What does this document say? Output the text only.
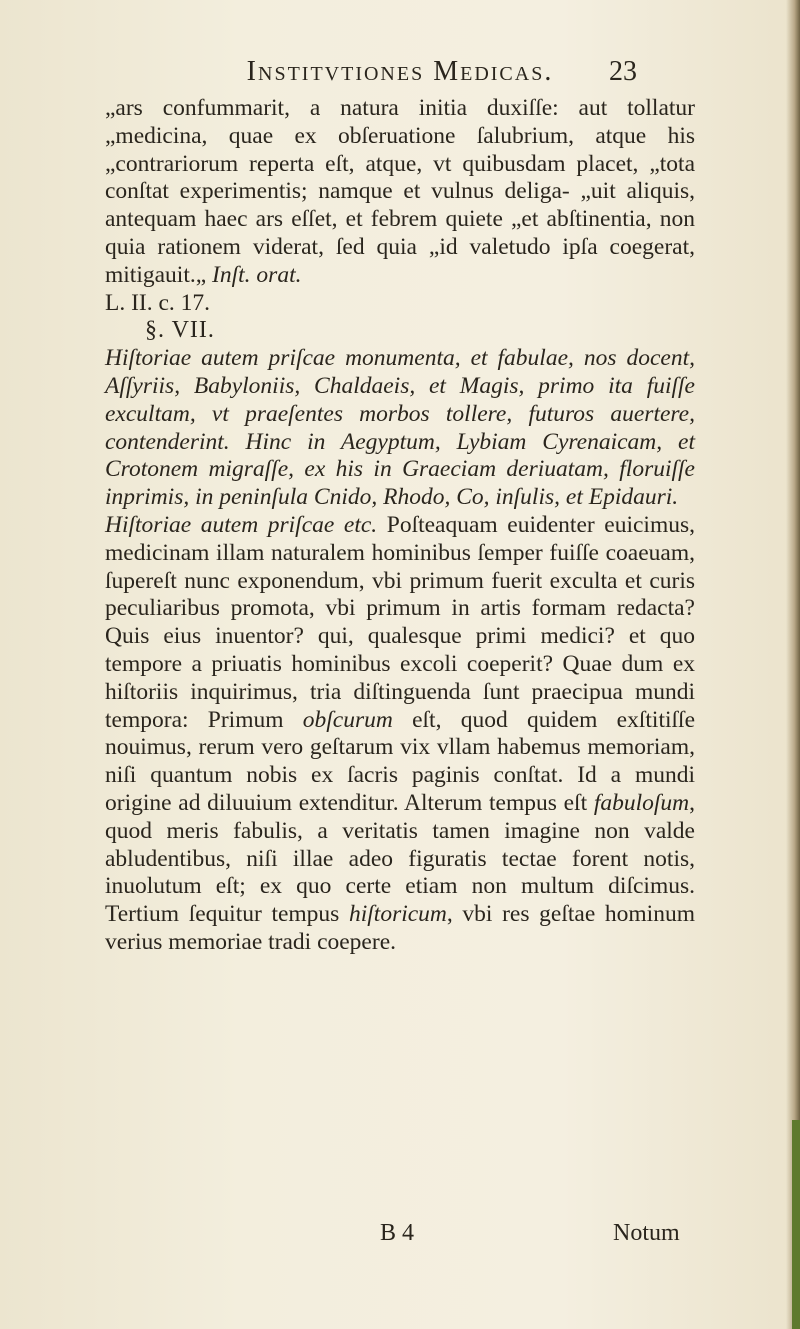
Institvtiones Medicas.	23

„ars confummarit, a natura initia duxiſſe: aut tollatur „medicina, quae ex obſeruatione ſalubrium, atque his „contrariorum reperta eſt, atque, vt quibusdam placet, „tota conſtat experimentis; namque et vulnus deliga- „uit aliquis, antequam haec ars eſſet, et febrem quiete „et abſtinentia, non quia rationem viderat, ſed quia „id valetudo ipſa coegerat, mitigauit.„ Inſt. orat.

L. II. c. 17.

§. VII.

Hiſtoriae autem priſcae monumenta, et fabulae, nos docent, Aſſyriis, Babyloniis, Chaldaeis, et Magis, primo ita fuiſſe excultam, vt praeſentes morbos tollere, futuros auertere, contenderint. Hinc in Aegyptum, Lybiam Cyrenaicam, et Crotonem migraſſe, ex his in Graeciam deriuatam, floruiſſe inprimis, in peninſula Cnido, Rhodo, Co, inſulis, et Epidauri.

Hiſtoriae autem priſcae etc. Poſteaquam euidenter euicimus, medicinam illam naturalem hominibus ſemper fuiſſe coaeuam, ſupereſt nunc exponendum, vbi primum fuerit exculta et curis peculiaribus promota, vbi primum in artis formam redacta? Quis eius inuentor? qui, qualesque primi medici? et quo tempore a priuatis hominibus excoli coeperit? Quae dum ex hiſtoriis inquirimus, tria diſtinguenda ſunt praecipua mundi tempora: Primum obſcurum eſt, quod quidem exſtitiſſe nouimus, rerum vero geſtarum vix vllam habemus memoriam, niſi quantum nobis ex ſacris paginis conſtat. Id a mundi origine ad diluuium extenditur. Alterum tempus eſt fabuloſum, quod meris fabulis, a veritatis tamen imagine non valde abludentibus, niſi illae adeo figuratis tectae forent notis, inuolutum eſt; ex quo certe etiam non multum diſcimus. Tertium ſequitur tempus hiſtoricum, vbi res geſtae hominum verius memoriae tradi coepere.

B 4	Notum
